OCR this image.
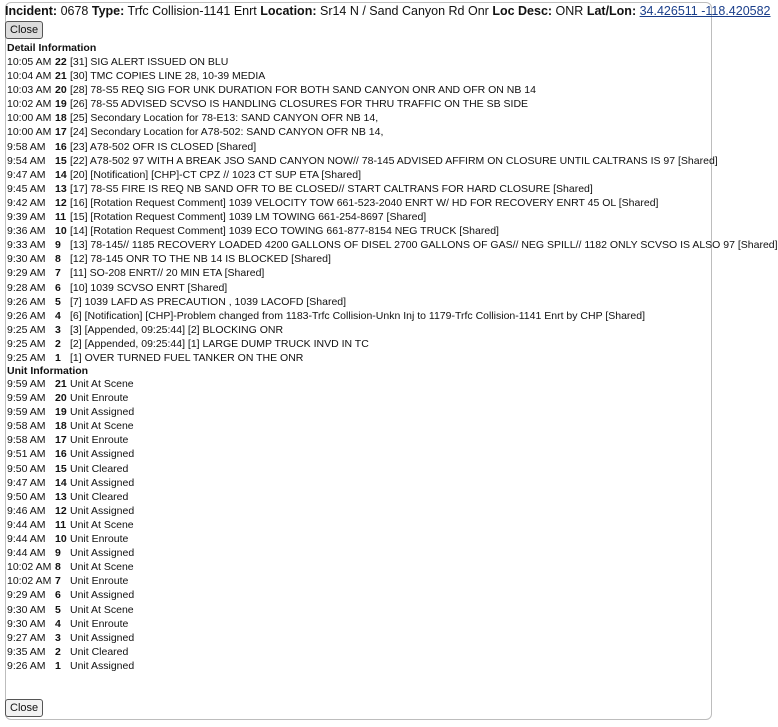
Incident: 0678 Type: Trfc Collision-1141 Enrt Location: Sr14 N / Sand Canyon Rd Onr Loc Desc: ONR Lat/Lon: 34.426511 -118.420582
Close
Detail Information
10:05 AM 22 [31] SIG ALERT ISSUED ON BLU
10:04 AM 21 [30] TMC COPIES LINE 28, 10-39 MEDIA
10:03 AM 20 [28] 78-S5 REQ SIG FOR UNK DURATION FOR BOTH SAND CANYON ONR AND OFR ON NB 14
10:02 AM 19 [26] 78-S5 ADVISED SCVSO IS HANDLING CLOSURES FOR THRU TRAFFIC ON THE SB SIDE
10:00 AM 18 [25] Secondary Location for 78-E13: SAND CANYON OFR NB 14,
10:00 AM 17 [24] Secondary Location for A78-502: SAND CANYON OFR NB 14,
9:58 AM 16 [23] A78-502 OFR IS CLOSED [Shared]
9:54 AM 15 [22] A78-502 97 WITH A BREAK JSO SAND CANYON NOW// 78-145 ADVISED AFFIRM ON CLOSURE UNTIL CALTRANS IS 97 [Shared]
9:47 AM 14 [20] [Notification] [CHP]-CT CPZ // 1023 CT SUP ETA [Shared]
9:45 AM 13 [17] 78-S5 FIRE IS REQ NB SAND OFR TO BE CLOSED// START CALTRANS FOR HARD CLOSURE [Shared]
9:42 AM 12 [16] [Rotation Request Comment] 1039 VELOCITY TOW 661-523-2040 ENRT W/ HD FOR RECOVERY ENRT 45 OL [Shared]
9:39 AM 11 [15] [Rotation Request Comment] 1039 LM TOWING 661-254-8697 [Shared]
9:36 AM 10 [14] [Rotation Request Comment] 1039 ECO TOWING 661-877-8154 NEG TRUCK [Shared]
9:33 AM 9 [13] 78-145// 1185 RECOVERY LOADED 4200 GALLONS OF DISEL 2700 GALLONS OF GAS// NEG SPILL// 1182 ONLY SCVSO IS ALSO 97 [Shared]
9:30 AM 8 [12] 78-145 ONR TO THE NB 14 IS BLOCKED [Shared]
9:29 AM 7 [11] SO-208 ENRT// 20 MIN ETA [Shared]
9:28 AM 6 [10] 1039 SCVSO ENRT [Shared]
9:26 AM 5 [7] 1039 LAFD AS PRECAUTION , 1039 LACOFD [Shared]
9:26 AM 4 [6] [Notification] [CHP]-Problem changed from 1183-Trfc Collision-Unkn Inj to 1179-Trfc Collision-1141 Enrt by CHP [Shared]
9:25 AM 3 [3] [Appended, 09:25:44] [2] BLOCKING ONR
9:25 AM 2 [2] [Appended, 09:25:44] [1] LARGE DUMP TRUCK INVD IN TC
9:25 AM 1 [1] OVER TURNED FUEL TANKER ON THE ONR
Unit Information
9:59 AM 21 Unit At Scene
9:59 AM 20 Unit Enroute
9:59 AM 19 Unit Assigned
9:58 AM 18 Unit At Scene
9:58 AM 17 Unit Enroute
9:51 AM 16 Unit Assigned
9:50 AM 15 Unit Cleared
9:47 AM 14 Unit Assigned
9:50 AM 13 Unit Cleared
9:46 AM 12 Unit Assigned
9:44 AM 11 Unit At Scene
9:44 AM 10 Unit Enroute
9:44 AM 9 Unit Assigned
10:02 AM 8 Unit At Scene
10:02 AM 7 Unit Enroute
9:29 AM 6 Unit Assigned
9:30 AM 5 Unit At Scene
9:30 AM 4 Unit Enroute
9:27 AM 3 Unit Assigned
9:35 AM 2 Unit Cleared
9:26 AM 1 Unit Assigned
Close
